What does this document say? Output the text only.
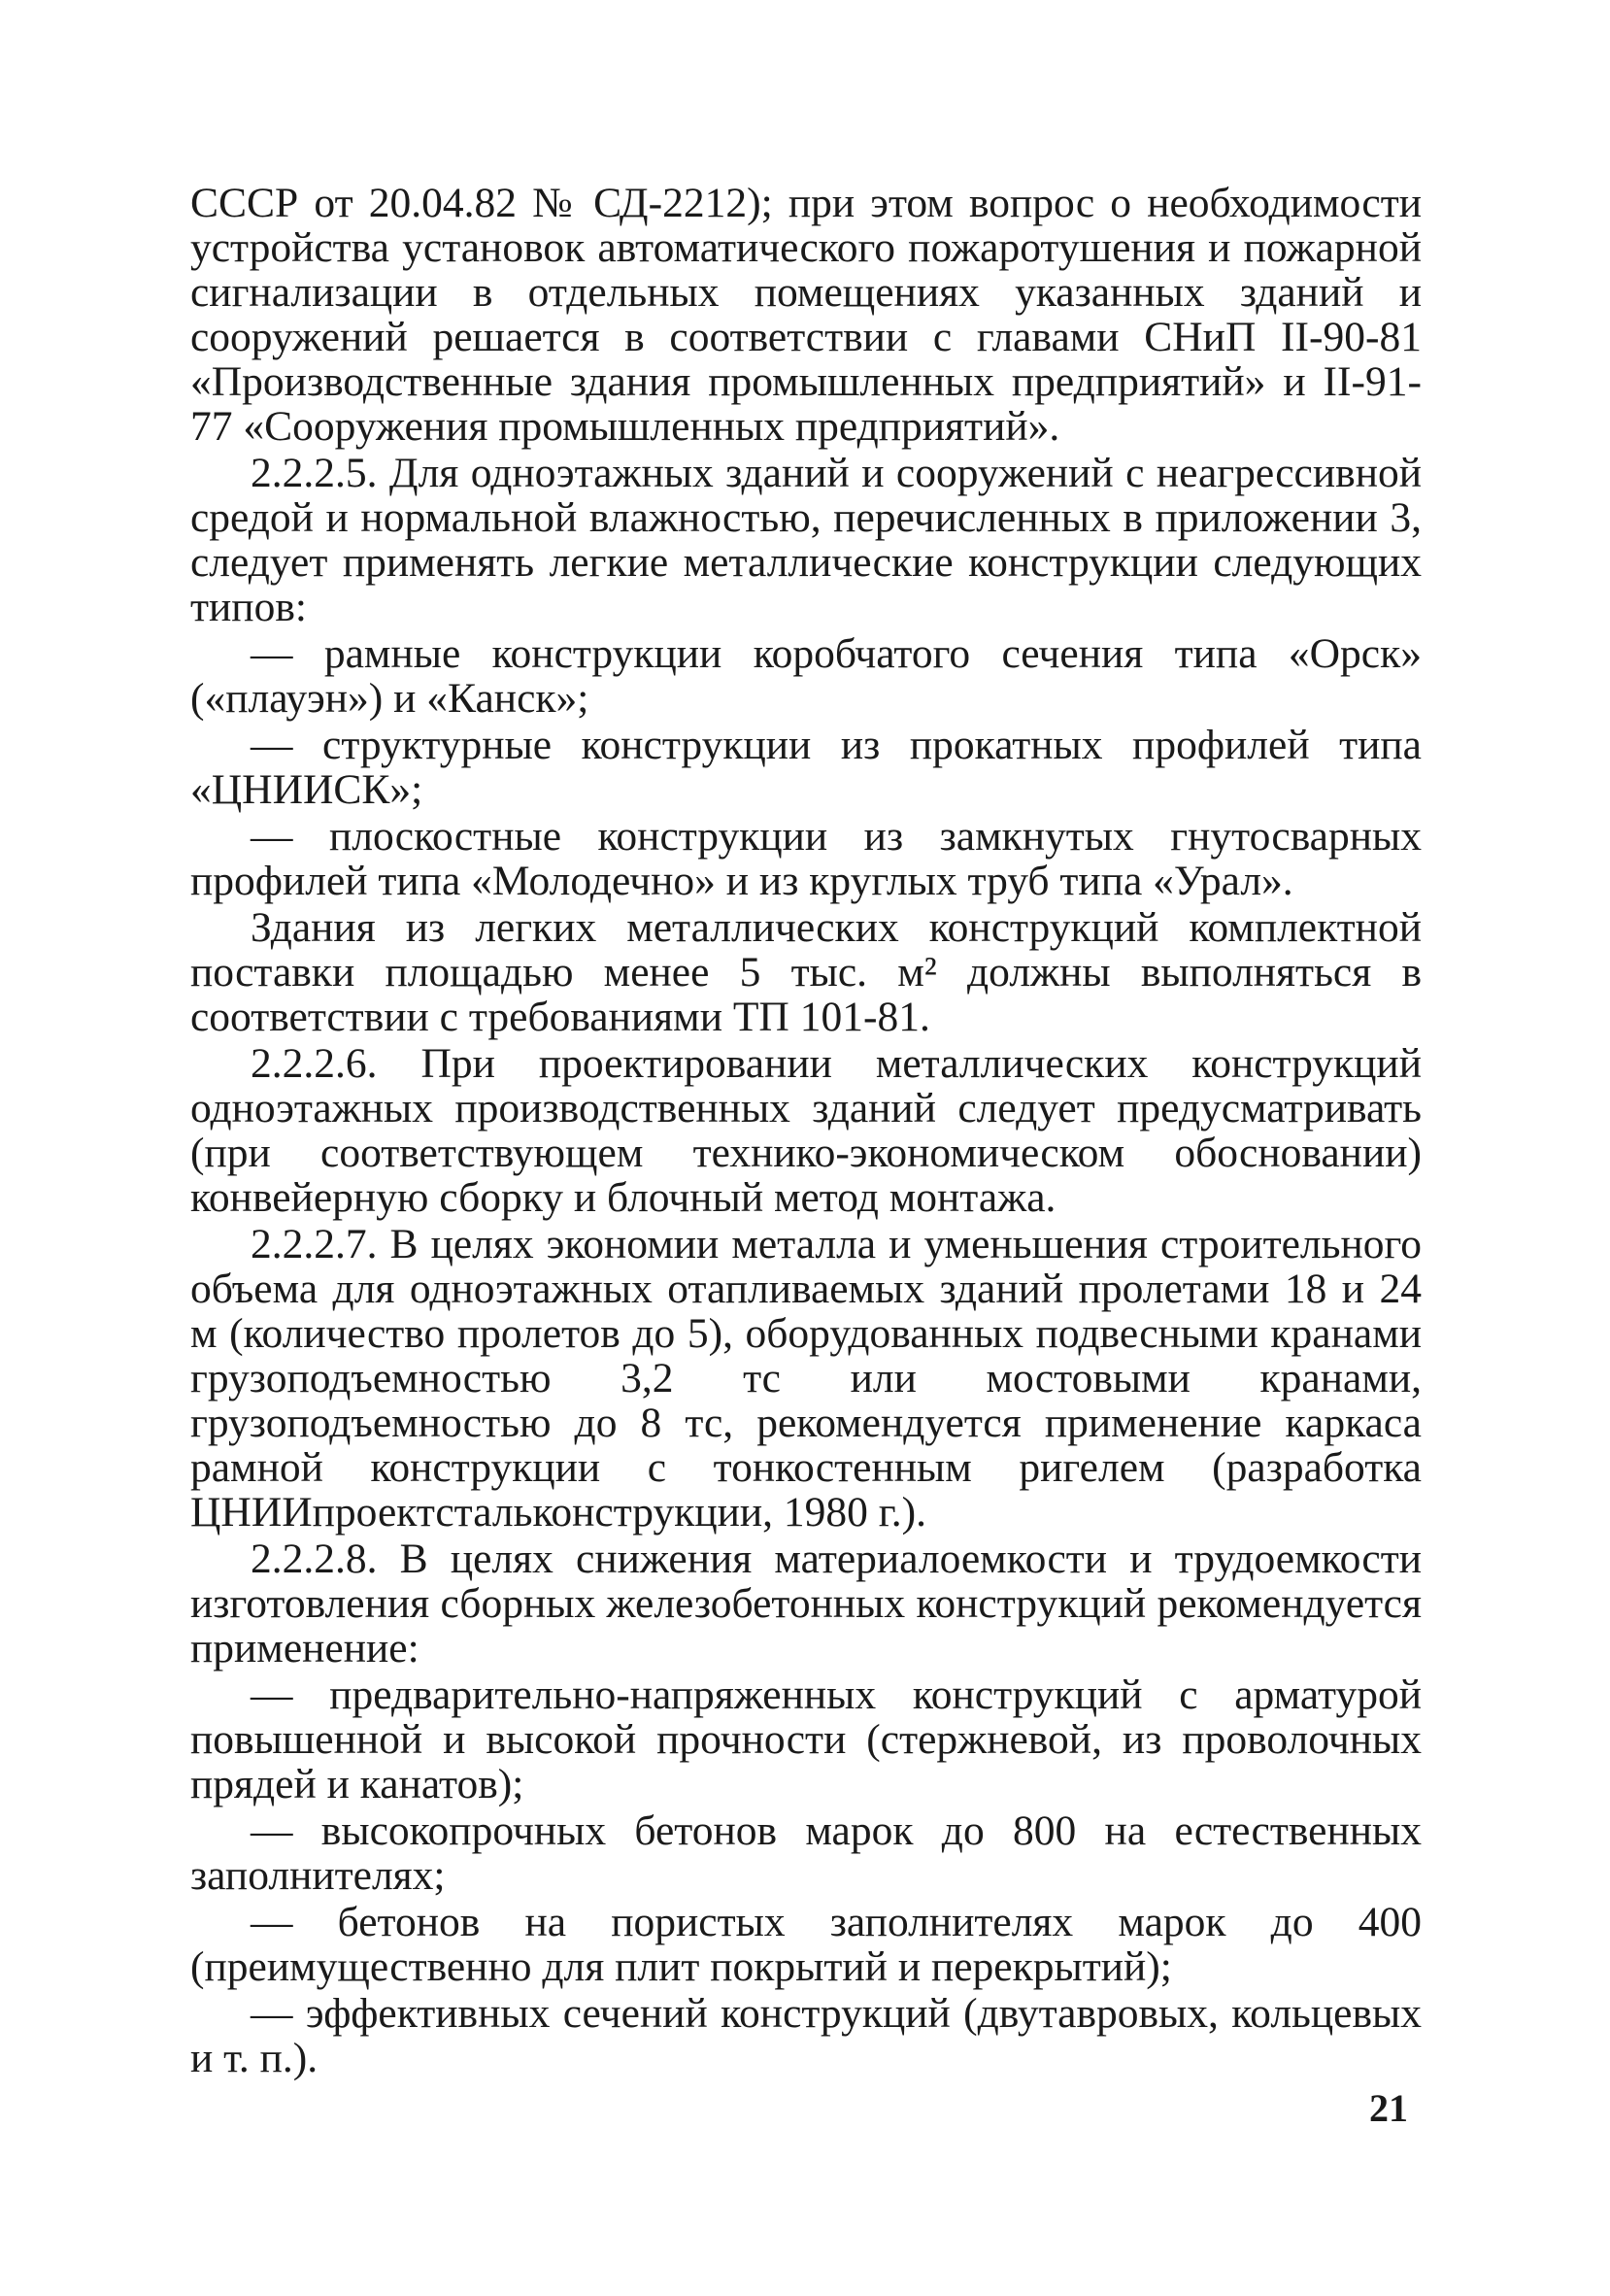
СССР от 20.04.82 № СД-2212); при этом вопрос о необходимости устройства установок автоматического пожаротушения и пожарной сигнализации в отдельных помещениях указанных зданий и сооружений решается в соответствии с главами СНиП II-90-81 «Производственные здания промышленных предприятий» и II-91-77 «Сооружения промышленных предприятий».

2.2.2.5. Для одноэтажных зданий и сооружений с неагрессивной средой и нормальной влажностью, перечисленных в приложении 3, следует применять легкие металлические конструкции следующих типов:

— рамные конструкции коробчатого сечения типа «Орск» («плауэн») и «Канск»;

— структурные конструкции из прокатных профилей типа «ЦНИИСК»;

— плоскостные конструкции из замкнутых гнутосварных профилей типа «Молодечно» и из круглых труб типа «Урал».

Здания из легких металлических конструкций комплектной поставки площадью менее 5 тыс. м² должны выполняться в соответствии с требованиями ТП 101-81.

2.2.2.6. При проектировании металлических конструкций одноэтажных производственных зданий следует предусматривать (при соответствующем технико-экономическом обосновании) конвейерную сборку и блочный метод монтажа.

2.2.2.7. В целях экономии металла и уменьшения строительного объема для одноэтажных отапливаемых зданий пролетами 18 и 24 м (количество пролетов до 5), оборудованных подвесными кранами грузоподъемностью 3,2 тс или мостовыми кранами, грузоподъемностью до 8 тс, рекомендуется применение каркаса рамной конструкции с тонкостенным ригелем (разработка ЦНИИпроектстальконструкции, 1980 г.).

2.2.2.8. В целях снижения материалоемкости и трудоемкости изготовления сборных железобетонных конструкций рекомендуется применение:

— предварительно-напряженных конструкций с арматурой повышенной и высокой прочности (стержневой, из проволочных прядей и канатов);

— высокопрочных бетонов марок до 800 на естественных заполнителях;

— бетонов на пористых заполнителях марок до 400 (преимущественно для плит покрытий и перекрытий);

— эффективных сечений конструкций (двутавровых, кольцевых и т. п.).

21
